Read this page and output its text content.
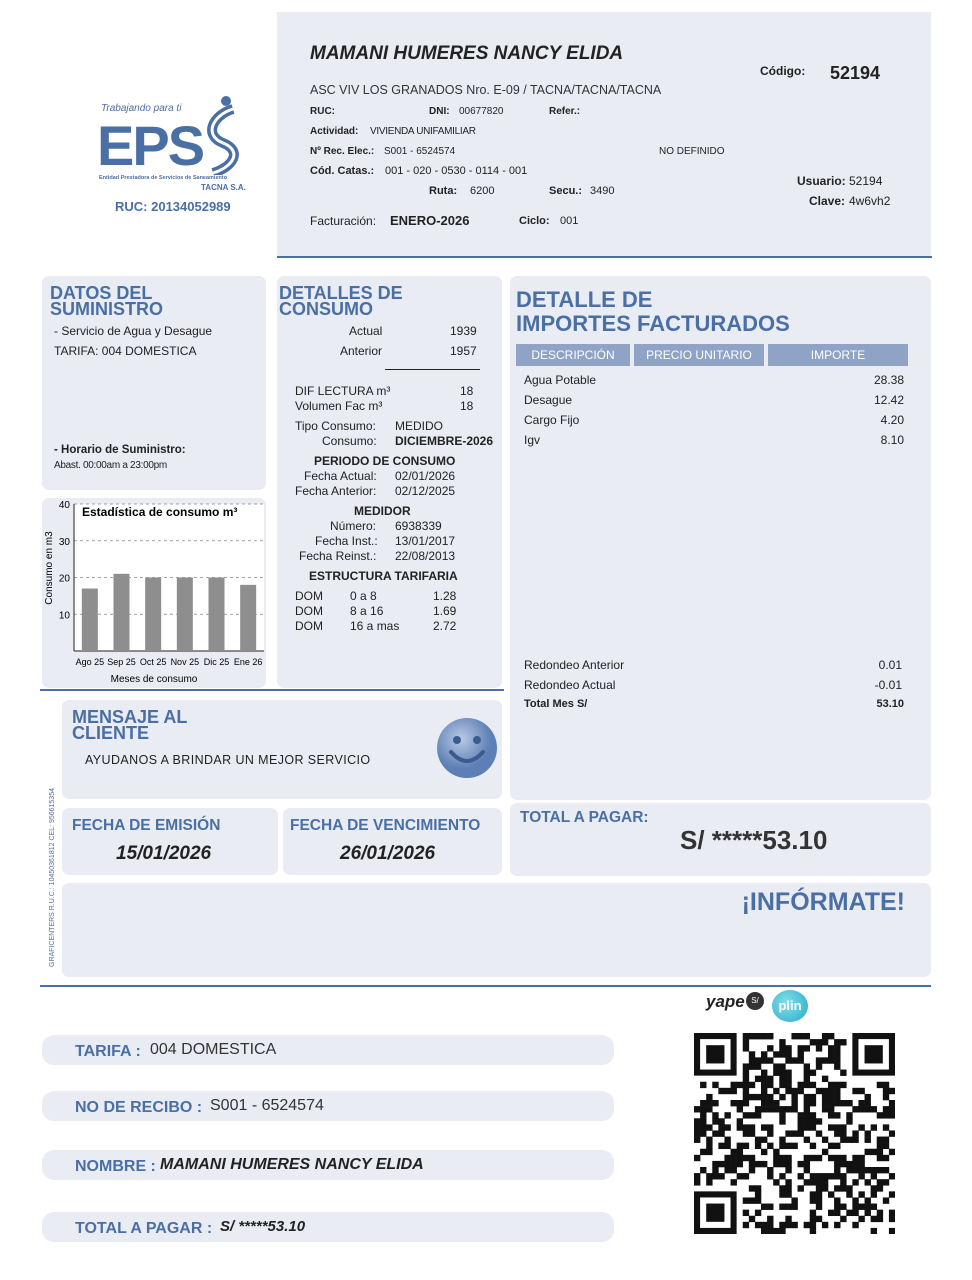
Trabajando para ti
EPS
Entidad Prestadora de Servicios de Saneamiento
TACNA S.A.
RUC: 20134052989
MAMANI HUMERES NANCY ELIDA
ASC VIV LOS GRANADOS Nro. E-09 / TACNA/TACNA/TACNA
Código: 52194
RUC:	DNI: 00677820	Refer.:
Actividad: VIVIENDA UNIFAMILIAR
Nº Rec. Elec.: S001 - 6524574	NO DEFINIDO
Cód. Catas.: 001 - 020 - 0530 - 0114 - 001
Ruta: 6200	Secu.: 3490
Facturación: ENERO-2026	Ciclo: 001
Usuario: 52194
Clave: 4w6vh2
DATOS DEL
SUMINISTRO
- Servicio de Agua y Desague
TARIFA: 004 DOMESTICA
- Horario de Suministro:
Abast. 00:00am a 23:00pm
10
20
30
40
Ago 25 Sep 25 Oct 25 Nov 25 Dic 25 Ene 26
Estadística de consumo m³
Meses de consumo
Consumo en m3
DETALLES DE
CONSUMO
Actual	1939
Anterior	1957
DIF LECTURA m³	18
Volumen Fac m³	18
Tipo Consumo: MEDIDO
Consumo: DICIEMBRE-2026
PERIODO DE CONSUMO
Fecha Actual: 02/01/2026
Fecha Anterior: 02/12/2025
MEDIDOR
Número: 6938339
Fecha Inst.: 13/01/2017
Fecha Reinst.: 22/08/2013
ESTRUCTURA TARIFARIA
DOM 0 a 8	1.28
DOM 8 a 16	1.69
DOM 16 a mas	2.72
DETALLE DE
IMPORTES FACTURADOS
DESCRIPCIÓN	PRECIO UNITARIO	IMPORTE
Agua Potable	28.38
Desague	12.42
Cargo Fijo	4.20
Igv	8.10
Redondeo Anterior	0.01
Redondeo Actual	-0.01
Total Mes S/	53.10
MENSAJE AL
CLIENTE
AYUDANOS A BRINDAR UN MEJOR SERVICIO
GRAFICENTERS R.U.C.: 10450361812 CEL: 956615354 FECHA DE EMISIÓN
15/01/2026
FECHA DE VENCIMIENTO
26/01/2026
TOTAL A PAGAR:
S/ *****53.10
¡INFÓRMATE!
yape S/	plin
TARIFA : 004 DOMESTICA
NO DE RECIBO : S001 - 6524574
NOMBRE : MAMANI HUMERES NANCY ELIDA
TOTAL A PAGAR : S/ *****53.10
